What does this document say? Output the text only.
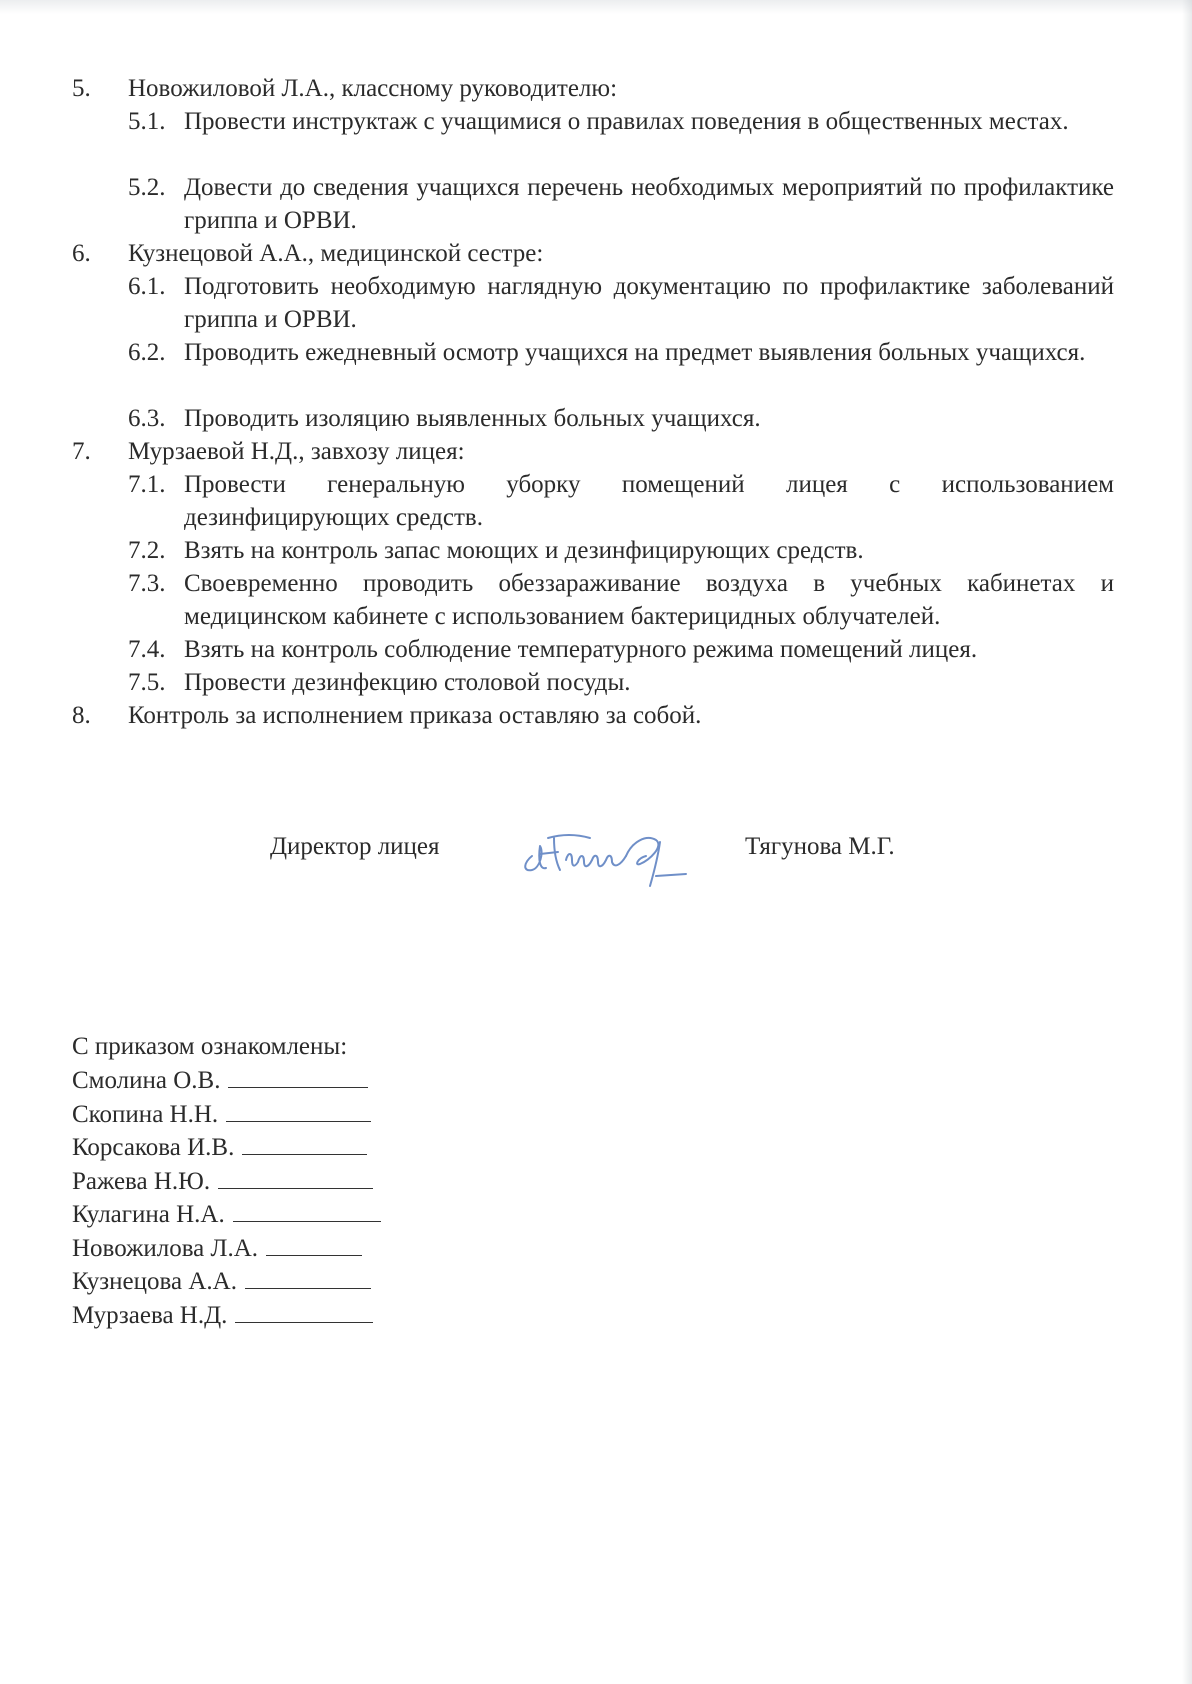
5. Новожиловой Л.А., классному руководителю:
5.1. Провести инструктаж с учащимися о правилах поведения в общественных местах.
5.2. Довести до сведения учащихся перечень необходимых мероприятий по профилактике гриппа и ОРВИ.
6. Кузнецовой А.А., медицинской сестре:
6.1. Подготовить необходимую наглядную документацию по профилактике заболеваний гриппа и ОРВИ.
6.2. Проводить ежедневный осмотр учащихся на предмет выявления больных учащихся.
6.3. Проводить изоляцию выявленных больных учащихся.
7. Мурзаевой Н.Д., завхозу лицея:
7.1. Провести генеральную уборку помещений лицея с использованием дезинфицирующих средств.
7.2. Взять на контроль запас моющих и дезинфицирующих средств.
7.3. Своевременно проводить обеззараживание воздуха в учебных кабинетах и медицинском кабинете с использованием бактерицидных облучателей.
7.4. Взять на контроль соблюдение температурного режима помещений лицея.
7.5. Провести дезинфекцию столовой посуды.
8. Контроль за исполнением приказа оставляю за собой.
Директор лицея	Тягунова М.Г.
С приказом ознакомлены:
Смолина О.В.
Скопина Н.Н.
Корсакова И.В.
Ражева Н.Ю.
Кулагина Н.А.
Новожилова Л.А.
Кузнецова А.А.
Мурзаева Н.Д.
